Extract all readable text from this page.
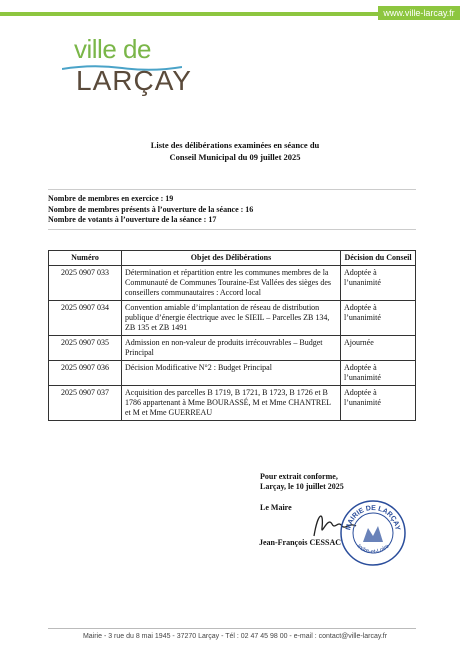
www.ville-larcay.fr
ville de
LARÇAY
Liste des délibérations examinées en séance du
Conseil Municipal du 09 juillet 2025
Nombre de membres en exercice : 19
Nombre de membres présents à l’ouverture de la séance : 16
Nombre de votants à l’ouverture de la séance : 17
Numéro	Objet des Délibérations	Décision du Conseil
2025 0907 033	Détermination et répartition entre les communes membres de la Communauté de Communes Touraine-Est Vallées des sièges des conseillers communautaires : Accord local	Adoptée à l’unanimité
2025 0907 034	Convention amiable d’implantation de réseau de distribution publique d’énergie électrique avec le SIEIL – Parcelles ZB 134, ZB 135 et ZB 1491	Adoptée à l’unanimité
2025 0907 035	Admission en non-valeur de produits irrécouvrables – Budget Principal	Ajournée
2025 0907 036	Décision Modificative N°2 : Budget Principal	Adoptée à l’unanimité
2025 0907 037	Acquisition des parcelles B 1719, B 1721, B 1723, B 1726 et B 1786 appartenant à Mme BOURASSÉ, M et Mme CHANTREL et M et Mme GUERREAU	Adoptée à l’unanimité
Pour extrait conforme,
Larçay, le 10 juillet 2025
Le Maire
MAIRIE DE LARÇAY
Indre-et-Loire
Jean-François CESSAC
Mairie - 3 rue du 8 mai 1945 - 37270 Larçay - Tél : 02 47 45 98 00 - e-mail : contact@ville-larcay.fr
